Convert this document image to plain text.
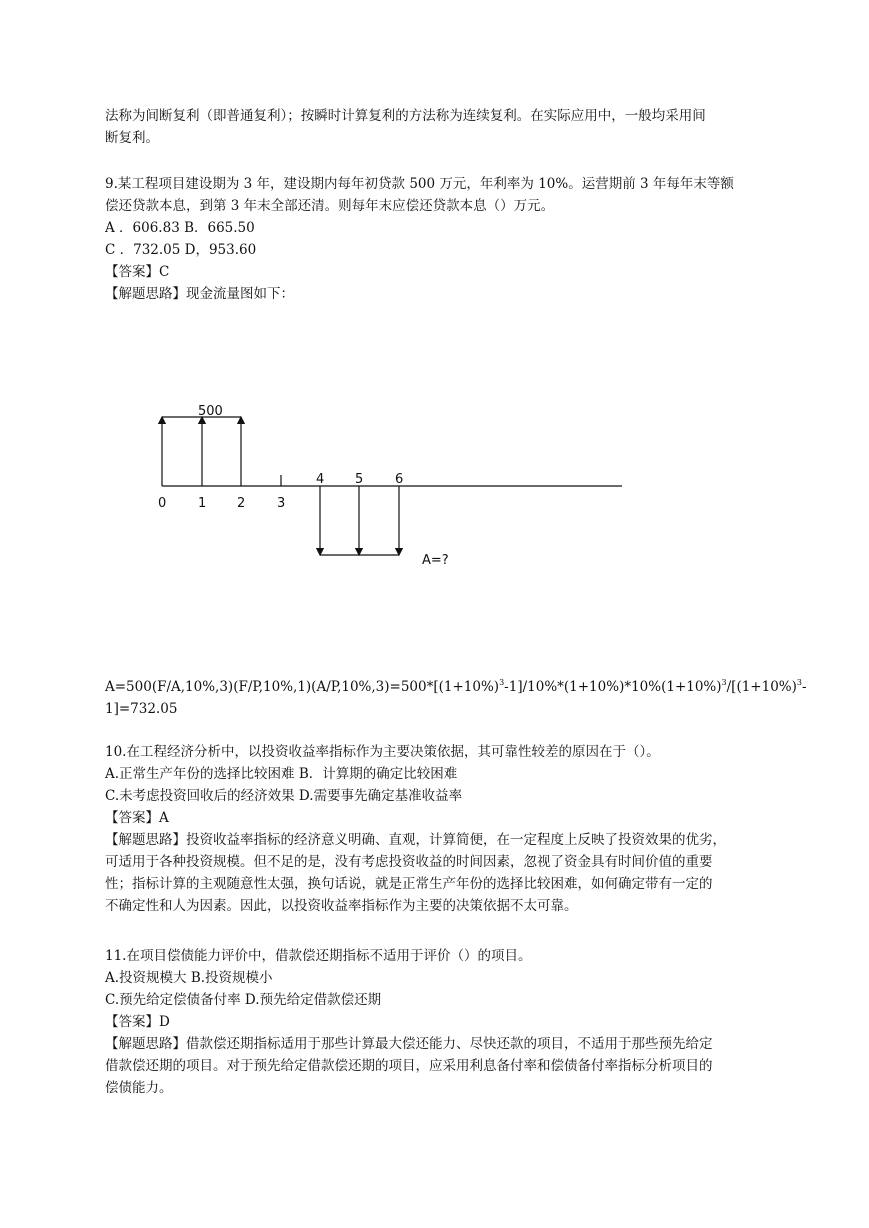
法称为间断复利（即普通复利）；按瞬时计算复利的方法称为连续复利。在实际应用中，一般均采用间
断复利。
9.某工程项目建设期为 3 年，建设期内每年初贷款 500 万元，年利率为 10%。运营期前 3 年每年末等额
偿还贷款本息，到第 3 年末全部还清。则每年末应偿还贷款本息（）万元。
A ．606.83 B．665.50
C ．732.05 D，953.60
【答案】C
【解题思路】现金流量图如下：
500
0 1 2 3
4 5 6
A=?
$A=500(F/A,10\%,3)(F/P,10\%,1)(A/P,10\%,3)=500*[(1+10\%)^3-1]/10\%*(1+10\%)*10\%(1+10\%)^3/[(1+10\%)^3-$
1]=732.05
10.在工程经济分析中，以投资收益率指标作为主要决策依据，其可靠性较差的原因在于（）。
A.正常生产年份的选择比较困难 B．计算期的确定比较困难
C.未考虑投资回收后的经济效果 D.需要事先确定基准收益率
【答案】A
【解题思路】投资收益率指标的经济意义明确、直观，计算简便，在一定程度上反映了投资效果的优劣，
可适用于各种投资规模。但不足的是，没有考虑投资收益的时间因素，忽视了资金具有时间价值的重要
性；指标计算的主观随意性太强，换句话说，就是正常生产年份的选择比较困难，如何确定带有一定的
不确定性和人为因素。因此，以投资收益率指标作为主要的决策依据不太可靠。
11.在项目偿债能力评价中，借款偿还期指标不适用于评价（）的项目。
A.投资规模大 B.投资规模小
C.预先给定偿债备付率 D.预先给定借款偿还期
【答案】D
【解题思路】借款偿还期指标适用于那些计算最大偿还能力、尽快还款的项目，不适用于那些预先给定
借款偿还期的项目。对于预先给定借款偿还期的项目，应采用利息备付率和偿债备付率指标分析项目的
偿债能力。
